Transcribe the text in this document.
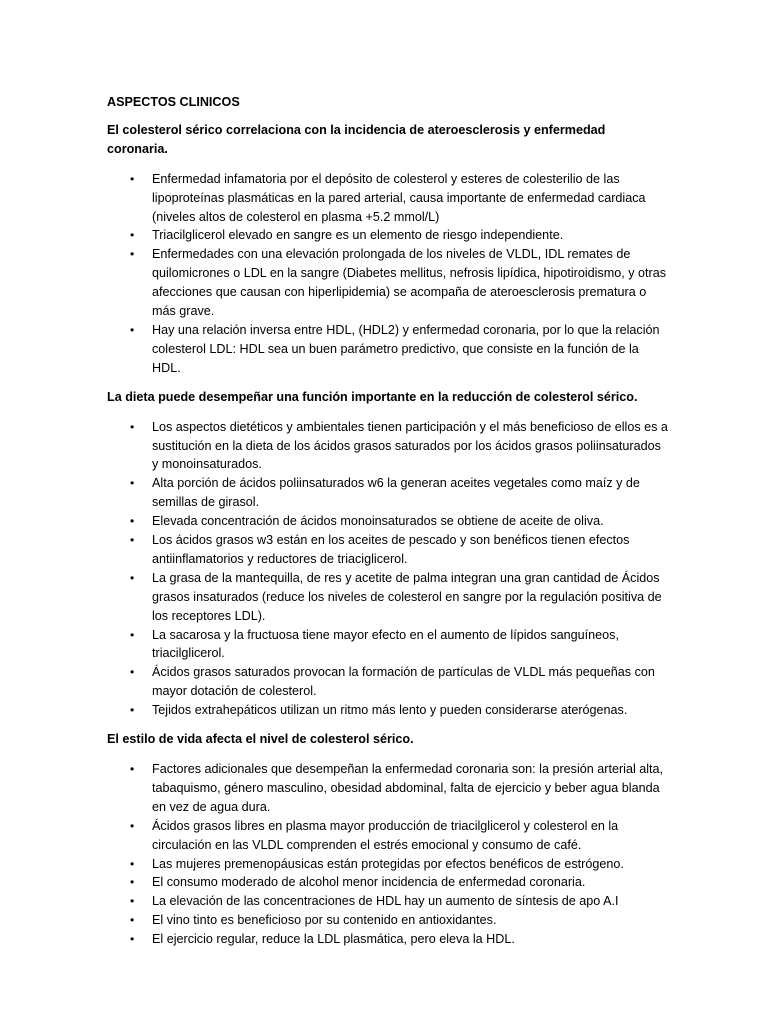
ASPECTOS CLINICOS
El colesterol sérico correlaciona con la incidencia de ateroesclerosis y enfermedad coronaria.
• Enfermedad infamatoria por el depósito de colesterol y esteres de colesterilio de las lipoproteínas plasmáticas en la pared arterial, causa importante de enfermedad cardiaca (niveles altos de colesterol en plasma +5.2 mmol/L)
• Triacilglicerol elevado en sangre es un elemento de riesgo independiente.
• Enfermedades con una elevación prolongada de los niveles de VLDL, IDL remates de quilomicrones o LDL en la sangre (Diabetes mellitus, nefrosis lipídica, hipotiroidismo, y otras afecciones que causan con hiperlipidemia) se acompaña de ateroesclerosis prematura o más grave.
• Hay una relación inversa entre HDL, (HDL2) y enfermedad coronaria, por lo que la relación colesterol LDL: HDL sea un buen parámetro predictivo, que consiste en la función de la HDL.
La dieta puede desempeñar una función importante en la reducción de colesterol sérico.
• Los aspectos dietéticos y ambientales tienen participación y el más beneficioso de ellos es a sustitución en la dieta de los ácidos grasos saturados por los ácidos grasos poliinsaturados y monoinsaturados.
• Alta porción de ácidos poliinsaturados w6 la generan aceites vegetales como maíz y de semillas de girasol.
• Elevada concentración de ácidos monoinsaturados se obtiene de aceite de oliva.
• Los ácidos grasos w3 están en los aceites de pescado y son benéficos tienen efectos antiinflamatorios y reductores de triaciglicerol.
• La grasa de la mantequilla, de res y acetite de palma integran una gran cantidad de Ácidos grasos insaturados (reduce los niveles de colesterol en sangre por la regulación positiva de los receptores LDL).
• La sacarosa y la fructuosa tiene mayor efecto en el aumento de lípidos sanguíneos, triacilglicerol.
• Ácidos grasos saturados provocan la formación de partículas de VLDL más pequeñas con mayor dotación de colesterol.
• Tejidos extrahepáticos utilizan un ritmo más lento y pueden considerarse aterógenas.
El estilo de vida afecta el nivel de colesterol sérico.
• Factores adicionales que desempeñan la enfermedad coronaria son: la presión arterial alta, tabaquismo, género masculino, obesidad abdominal, falta de ejercicio y beber agua blanda en vez de agua dura.
• Ácidos grasos libres en plasma mayor producción de triacilglicerol y colesterol en la circulación en las VLDL comprenden el estrés emocional y consumo de café.
• Las mujeres premenopáusicas están protegidas por efectos benéficos de estrógeno.
• El consumo moderado de alcohol menor incidencia de enfermedad coronaria.
• La elevación de las concentraciones de HDL hay un aumento de síntesis de apo A.I
• El vino tinto es beneficioso por su contenido en antioxidantes.
• El ejercicio regular, reduce la LDL plasmática, pero eleva la HDL.
